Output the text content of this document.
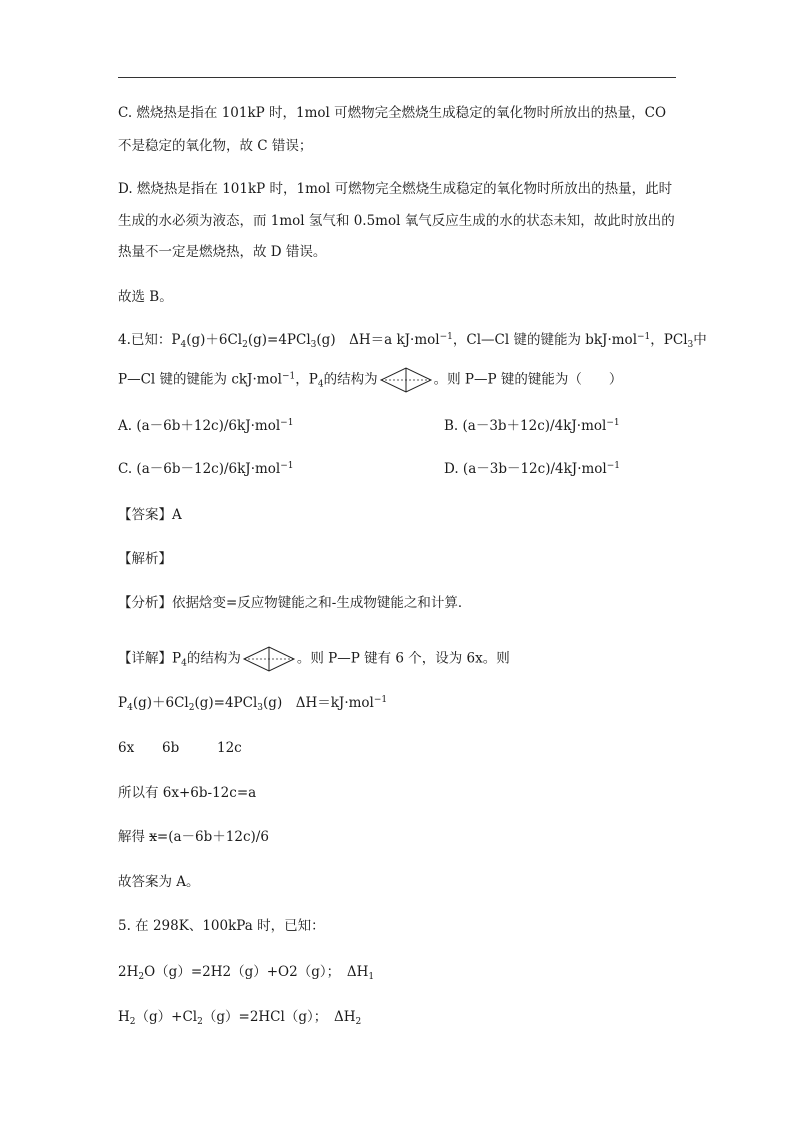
C. 燃烧热是指在 101kP 时，1mol 可燃物完全燃烧生成稳定的氧化物时所放出的热量，CO
不是稳定的氧化物，故 C 错误；
D. 燃烧热是指在 101kP 时，1mol 可燃物完全燃烧生成稳定的氧化物时所放出的热量，此时
生成的水必须为液态，而 1mol 氢气和 0.5mol 氧气反应生成的水的状态未知，故此时放出的
热量不一定是燃烧热，故 D 错误。
故选 B。
4.已知：$P_4(g)+6Cl_2(g)=4PCl_3(g)$　ΔH＝a kJ·mol$^{-1}$，Cl—Cl 键的键能为 bkJ·mol$^{-1}$，PCl$_3$中
P—Cl 键的键能为 ckJ·mol$^{-1}$，$P_4$的结构为	。则 P—P 键的键能为（　　）
A. (a－6b＋12c)/6kJ·mol$^{-1}$	B. (a－3b＋12c)/4kJ·mol$^{-1}$
C. (a－6b－12c)/6kJ·mol$^{-1}$	D. (a－3b－12c)/4kJ·mol$^{-1}$
【答案】A
【解析】
【分析】依据焓变=反应物键能之和-生成物键能之和计算．
【详解】$P_4$的结构为	。则 P—P 键有 6 个，设为 6x。则
$P_4(g)+6Cl_2(g)=4PCl_3(g)$　ΔH＝kJ·mol$^{-1}$
6x 6b	12c
所以有 6x+6b-12c=a
解得 x=(a－6b＋12c)/6
故答案为 A。
5. 在 298K、100kPa 时，已知：
$2H_2O(g)=2H2(g)+O2(g)$；　$\Delta H_1$
$H_2(g)+Cl_2(g)=2HCl(g)$；　$\Delta H_2$
